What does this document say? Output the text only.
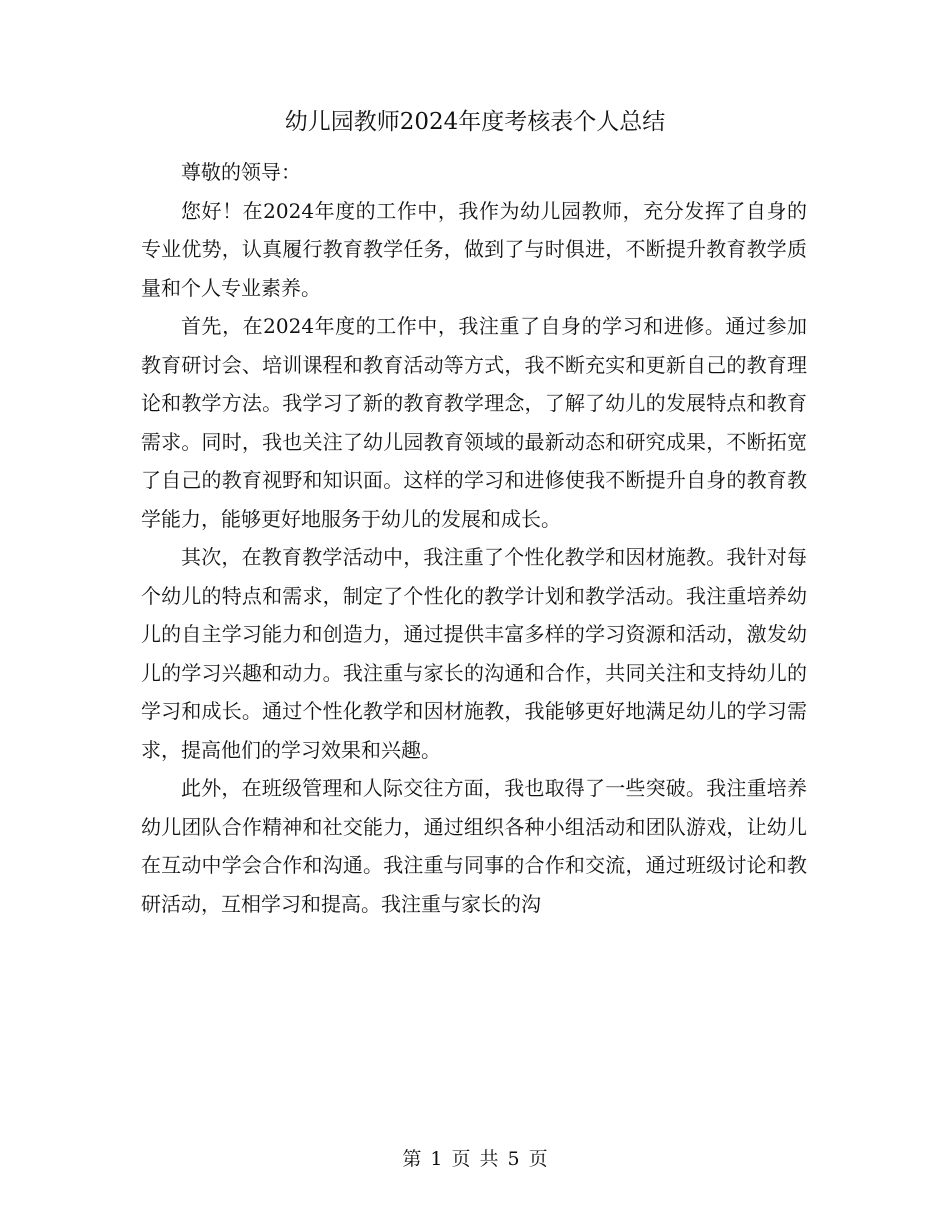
幼儿园教师2024年度考核表个人总结

尊敬的领导：

您好！在2024年度的工作中，我作为幼儿园教师，充分发挥了自身的专业优势，认真履行教育教学任务，做到了与时俱进，不断提升教育教学质量和个人专业素养。

首先，在2024年度的工作中，我注重了自身的学习和进修。通过参加教育研讨会、培训课程和教育活动等方式，我不断充实和更新自己的教育理论和教学方法。我学习了新的教育教学理念，了解了幼儿的发展特点和教育需求。同时，我也关注了幼儿园教育领域的最新动态和研究成果，不断拓宽了自己的教育视野和知识面。这样的学习和进修使我不断提升自身的教育教学能力，能够更好地服务于幼儿的发展和成长。

其次，在教育教学活动中，我注重了个性化教学和因材施教。我针对每个幼儿的特点和需求，制定了个性化的教学计划和教学活动。我注重培养幼儿的自主学习能力和创造力，通过提供丰富多样的学习资源和活动，激发幼儿的学习兴趣和动力。我注重与家长的沟通和合作，共同关注和支持幼儿的学习和成长。通过个性化教学和因材施教，我能够更好地满足幼儿的学习需求，提高他们的学习效果和兴趣。

此外，在班级管理和人际交往方面，我也取得了一些突破。我注重培养幼儿团队合作精神和社交能力，通过组织各种小组活动和团队游戏，让幼儿在互动中学会合作和沟通。我注重与同事的合作和交流，通过班级讨论和教研活动，互相学习和提高。我注重与家长的沟

第 1 页 共 5 页
